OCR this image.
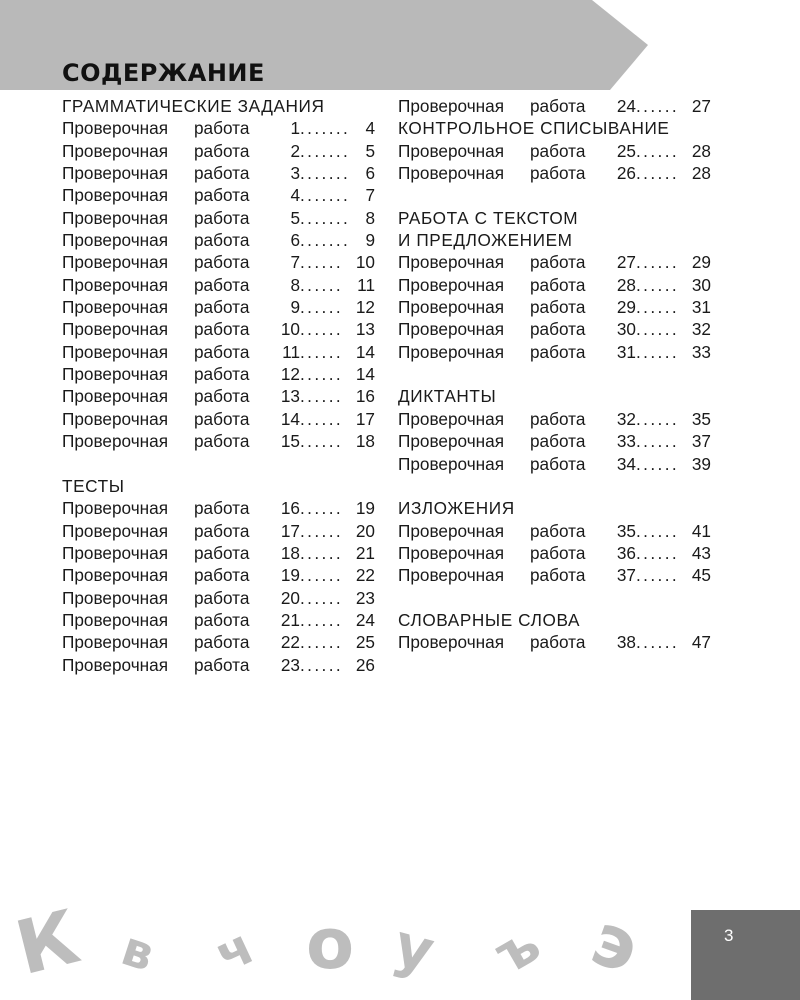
СОДЕРЖАНИЕ
ГРАММАТИЧЕСКИЕ ЗАДАНИЯ
Проверочная работа	1 ....... 4
Проверочная работа	2 ....... 5
Проверочная работа	3 ....... 6
Проверочная работа	4 ....... 7
Проверочная работа	5 ....... 8
Проверочная работа	6 ....... 9
Проверочная работа	7 ...... 10
Проверочная работа	8 ...... 11
Проверочная работа	9 ...... 12
Проверочная работа	10 ...... 13
Проверочная работа	11 ...... 14
Проверочная работа	12 ...... 14
Проверочная работа	13 ...... 16
Проверочная работа	14 ...... 17
Проверочная работа	15 ...... 18
ТЕСТЫ
Проверочная работа	16 ...... 19
Проверочная работа	17 ...... 20
Проверочная работа	18 ...... 21
Проверочная работа	19 ...... 22
Проверочная работа	20 ...... 23
Проверочная работа	21 ...... 24
Проверочная работа	22 ...... 25
Проверочная работа	23 ...... 26
Проверочная работа	24 ...... 27
КОНТРОЛЬНОЕ СПИСЫВАНИЕ
Проверочная работа	25 ...... 28
Проверочная работа	26 ...... 28
РАБОТА С ТЕКСТОМ
И ПРЕДЛОЖЕНИЕМ
Проверочная работа	27 ...... 29
Проверочная работа	28 ...... 30
Проверочная работа	29 ...... 31
Проверочная работа	30 ...... 32
Проверочная работа	31 ...... 33
ДИКТАНТЫ
Проверочная работа	32 ...... 35
Проверочная работа	33 ...... 37
Проверочная работа	34 ...... 39
ИЗЛОЖЕНИЯ
Проверочная работа	35 ...... 41
Проверочная работа	36 ...... 43
Проверочная работа	37 ...... 45
СЛОВАРНЫЕ СЛОВА
Проверочная работа	38 ...... 47
К в ч о у ъ э	3
